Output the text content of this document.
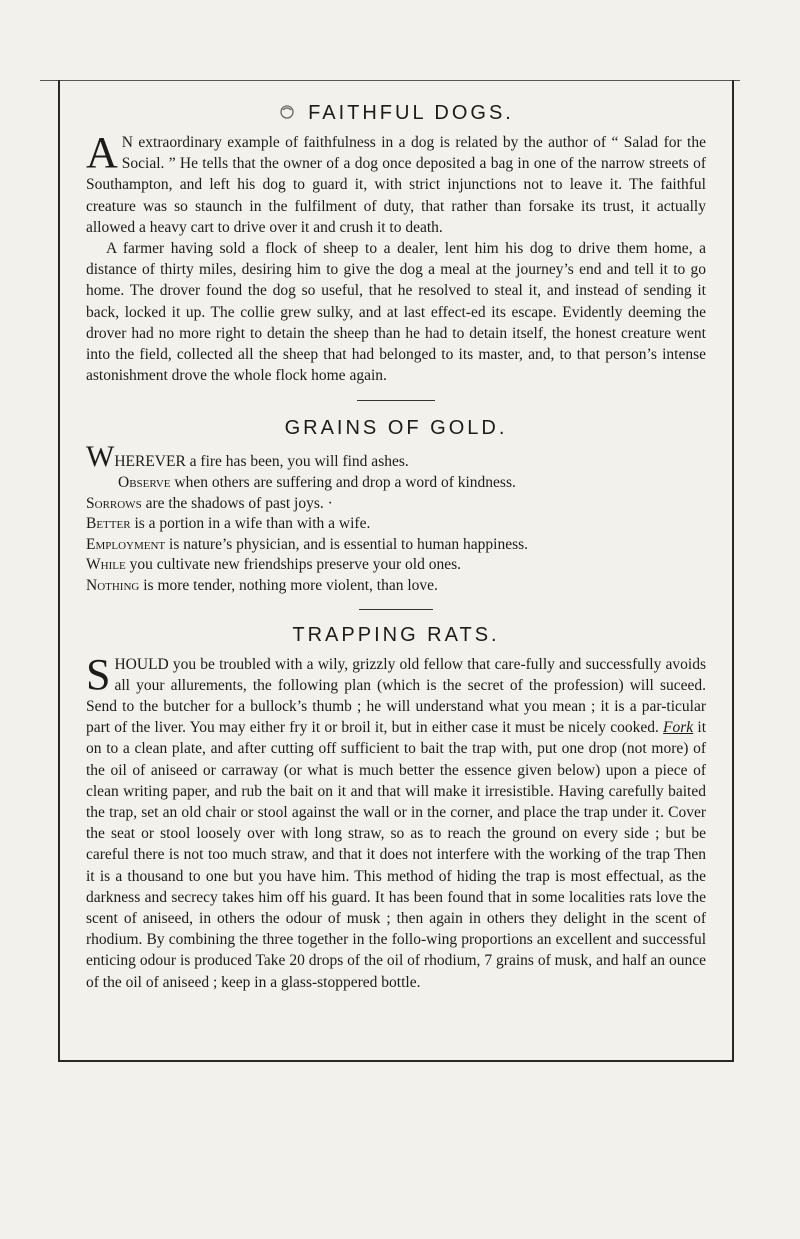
FAITHFUL DOGS.

A N extraordinary example of faithfulness in a dog is related by the author of “ Salad for the Social. ” He tells that the owner of a dog once deposited a bag in one of the narrow streets of Southampton, and left his dog to guard it, with strict injunctions not to leave it. The faithful creature was so staunch in the fulfilment of duty, that rather than forsake its trust, it actually allowed a heavy cart to drive over it and crush it to death.

A farmer having sold a flock of sheep to a dealer, lent him his dog to drive them home, a distance of thirty miles, desiring him to give the dog a meal at the journey’s end and tell it to go home. The drover found the dog so useful, that he resolved to steal it, and instead of sending it back, locked it up. The collie grew sulky, and at last effect-ed its escape. Evidently deeming the drover had no more right to detain the sheep than he had to detain itself, the honest creature went into the field, collected all the sheep that had belonged to its master, and, to that person’s intense astonishment drove the whole flock home again.

GRAINS OF GOLD.
WHEREVER a fire has been, you will find ashes.
Observe when others are suffering and drop a word of kindness.
Sorrows are the shadows of past joys. ·
Better is a portion in a wife than with a wife.
Employment is nature’s physician, and is essential to human happiness.
While you cultivate new friendships preserve your old ones.
Nothing is more tender, nothing more violent, than love.
TRAPPING RATS.

SHOULD you be troubled with a wily, grizzly old fellow that care-fully and successfully avoids all your allurements, the following plan (which is the secret of the profession) will suceed. Send to the butcher for a bullock’s thumb ; he will understand what you mean ; it is a par-ticular part of the liver. You may either fry it or broil it, but in either case it must be nicely cooked. Fork it on to a clean plate, and after cutting off sufficient to bait the trap with, put one drop (not more) of the oil of aniseed or carraway (or what is much better the essence given below) upon a piece of clean writing paper, and rub the bait on it and that will make it irresistible. Having carefully baited the trap, set an old chair or stool against the wall or in the corner, and place the trap under it. Cover the seat or stool loosely over with long straw, so as to reach the ground on every side ; but be careful there is not too much straw, and that it does not interfere with the working of the trap Then it is a thousand to one but you have him. This method of hiding the trap is most effectual, as the darkness and secrecy takes him off his guard. It has been found that in some localities rats love the scent of aniseed, in others the odour of musk ; then again in others they delight in the scent of rhodium. By combining the three together in the follo-wing proportions an excellent and successful enticing odour is produced Take 20 drops of the oil of rhodium, 7 grains of musk, and half an ounce of the oil of aniseed ; keep in a glass-stoppered bottle.
